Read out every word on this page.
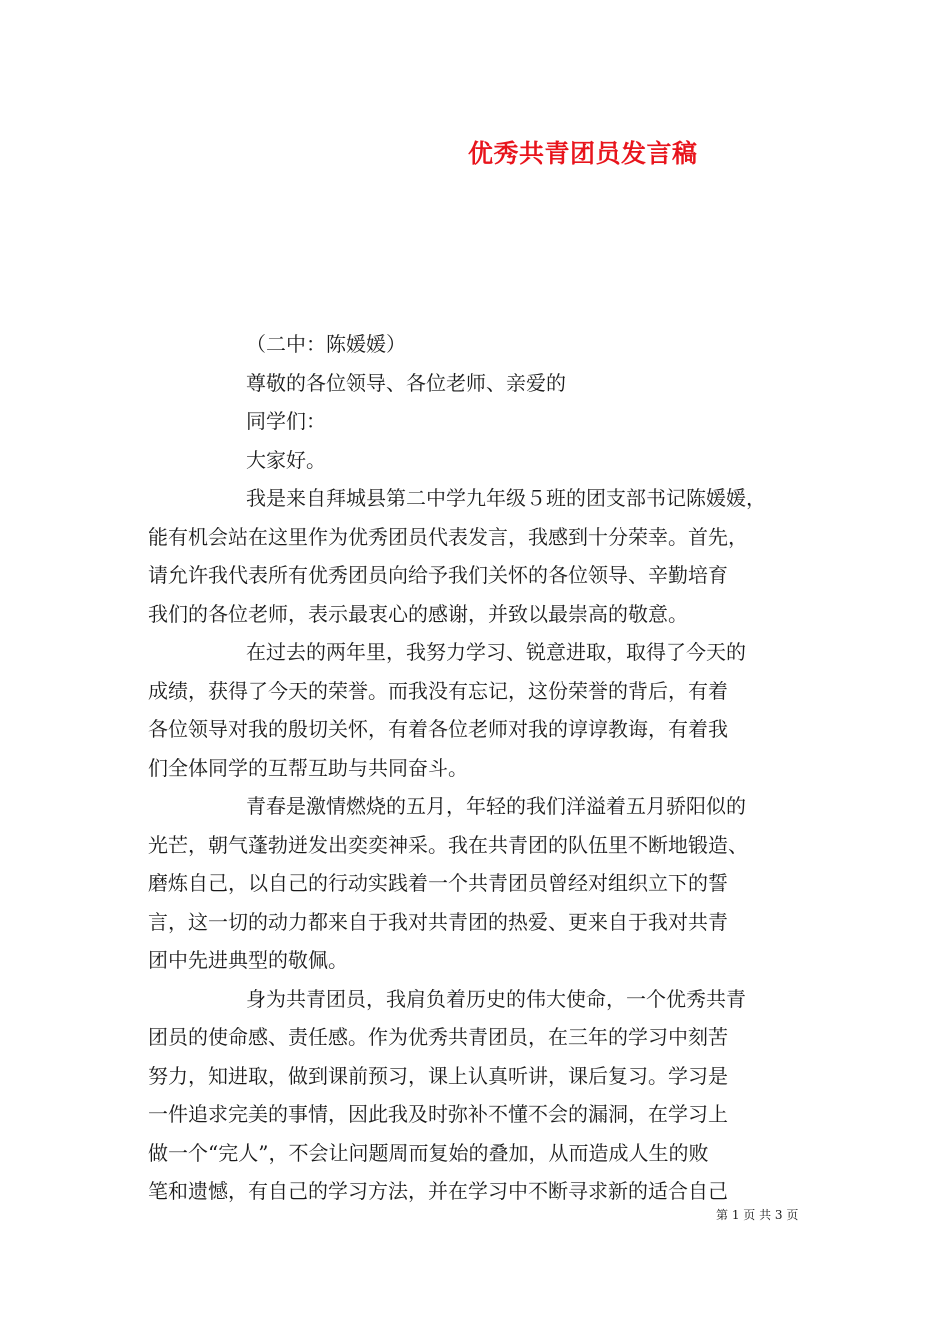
优秀共青团员发言稿
（二中：陈媛媛）
尊敬的各位领导、各位老师、亲爱的
同学们：
大家好。
我是来自拜城县第二中学九年级５班的团支部书记陈媛媛，
能有机会站在这里作为优秀团员代表发言，我感到十分荣幸。首先，
请允许我代表所有优秀团员向给予我们关怀的各位领导、辛勤培育
我们的各位老师，表示最衷心的感谢，并致以最崇高的敬意。
在过去的两年里，我努力学习、锐意进取，取得了今天的
成绩，获得了今天的荣誉。而我没有忘记，这份荣誉的背后，有着
各位领导对我的殷切关怀，有着各位老师对我的谆谆教诲，有着我
们全体同学的互帮互助与共同奋斗。
青春是激情燃烧的五月，年轻的我们洋溢着五月骄阳似的
光芒，朝气蓬勃迸发出奕奕神采。我在共青团的队伍里不断地锻造、
磨炼自己，以自己的行动实践着一个共青团员曾经对组织立下的誓
言，这一切的动力都来自于我对共青团的热爱、更来自于我对共青
团中先进典型的敬佩。
身为共青团员，我肩负着历史的伟大使命，一个优秀共青
团员的使命感、责任感。作为优秀共青团员，在三年的学习中刻苦
努力，知进取，做到课前预习，课上认真听讲，课后复习。学习是
一件追求完美的事情，因此我及时弥补不懂不会的漏洞，在学习上
做一个“完人”，不会让问题周而复始的叠加，从而造成人生的败
笔和遗憾，有自己的学习方法，并在学习中不断寻求新的适合自己
第 1 页 共 3 页
